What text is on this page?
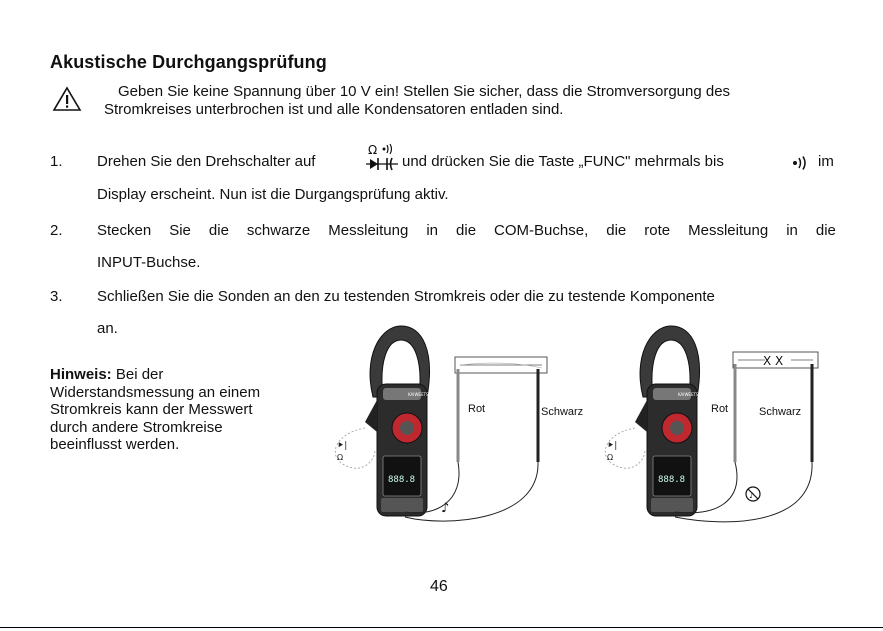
Akustische Durchgangsprüfung
Geben Sie keine Spannung über 10 V ein! Stellen Sie sicher, dass die Stromversorgung des
Stromkreises unterbrochen ist und alle Kondensatoren entladen sind.
1. Drehen Sie den Drehschalter auf
Ω
und drücken Sie die Taste „FUNC" mehrmals bis	im
Display erscheint. Nun ist die Durgangsprüfung aktiv.
2. Stecken Sie die schwarze Messleitung in die COM-Buchse, die rote Messleitung in die
INPUT-Buchse.
3. Schließen Sie die Sonden an den zu testenden Stromkreis oder die zu testende Komponente
an.
Hinweis: Bei der
Widerstandsmessung an einem
Stromkreis kann der Messwert
durch andere Stromkreise
beeinflusst werden.
KAIWEETS
888.8
⯈|
Ω
♪
KAIWEETS
888.8
⯈|
Ω
X X
♪
Rot	Schwarz	Rot	Schwarz
46
